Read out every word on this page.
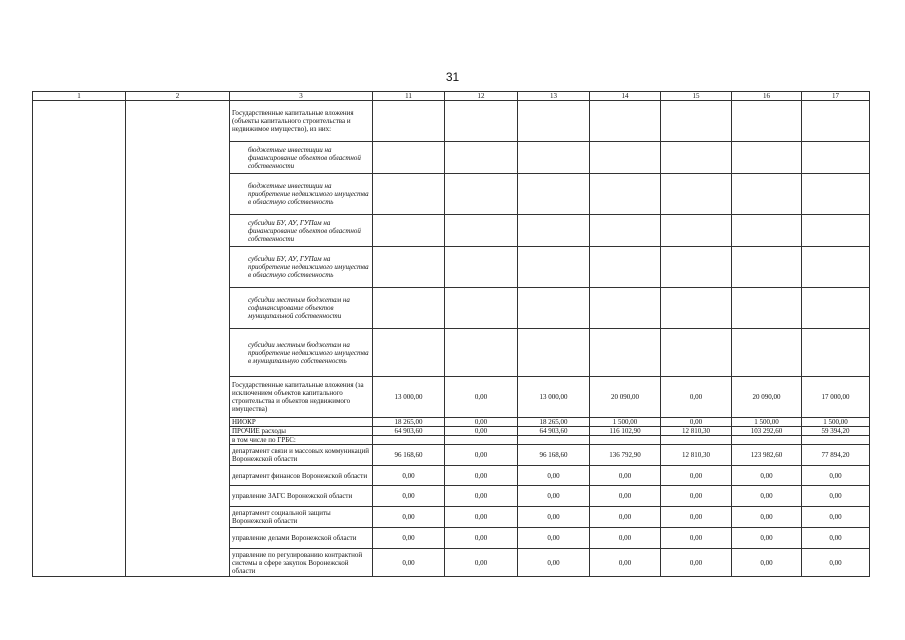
31
1	2	3	11	12	13	14	15	16	17
		Государственные капитальные вложения (объекты капитального строительства и недвижимое имущество), из них:							
		бюджетные инвестиции на финансирование объектов областной собственности							
		бюджетные инвестиции на приобретение недвижимого имущества в областную собственность							
		субсидии БУ, АУ, ГУПам на финансирование объектов областной собственности							
		субсидии БУ, АУ, ГУПам на приобретение недвижимого имущества в областную собственность							
		субсидии местным бюджетам на софинансирование объектов муниципальной собственности							
		субсидии местным бюджетам на приобретение недвижимого имущества в муниципальную собственность							
		Государственные капитальные вложения (за исключением объектов капитального строительства и объектов недвижимого имущества)	13 000,00	0,00	13 000,00	20 090,00	0,00	20 090,00	17 000,00
		НИОКР	18 265,00	0,00	18 265,00	1 500,00	0,00	1 500,00	1 500,00
		ПРОЧИЕ расходы	64 903,60	0,00	64 903,60	116 102,90	12 810,30	103 292,60	59 394,20
		в том числе по ГРБС:							
		департамент связи и массовых коммуникаций Воронежской области	96 168,60	0,00	96 168,60	136 792,90	12 810,30	123 982,60	77 894,20
		департамент финансов Воронежской области	0,00	0,00	0,00	0,00	0,00	0,00	0,00
		управление ЗАГС Воронежской области	0,00	0,00	0,00	0,00	0,00	0,00	0,00
		департамент социальной защиты Воронежской области	0,00	0,00	0,00	0,00	0,00	0,00	0,00
		управление делами Воронежской области	0,00	0,00	0,00	0,00	0,00	0,00	0,00
		управление по регулированию контрактной системы в сфере закупок Воронежской области	0,00	0,00	0,00	0,00	0,00	0,00	0,00
